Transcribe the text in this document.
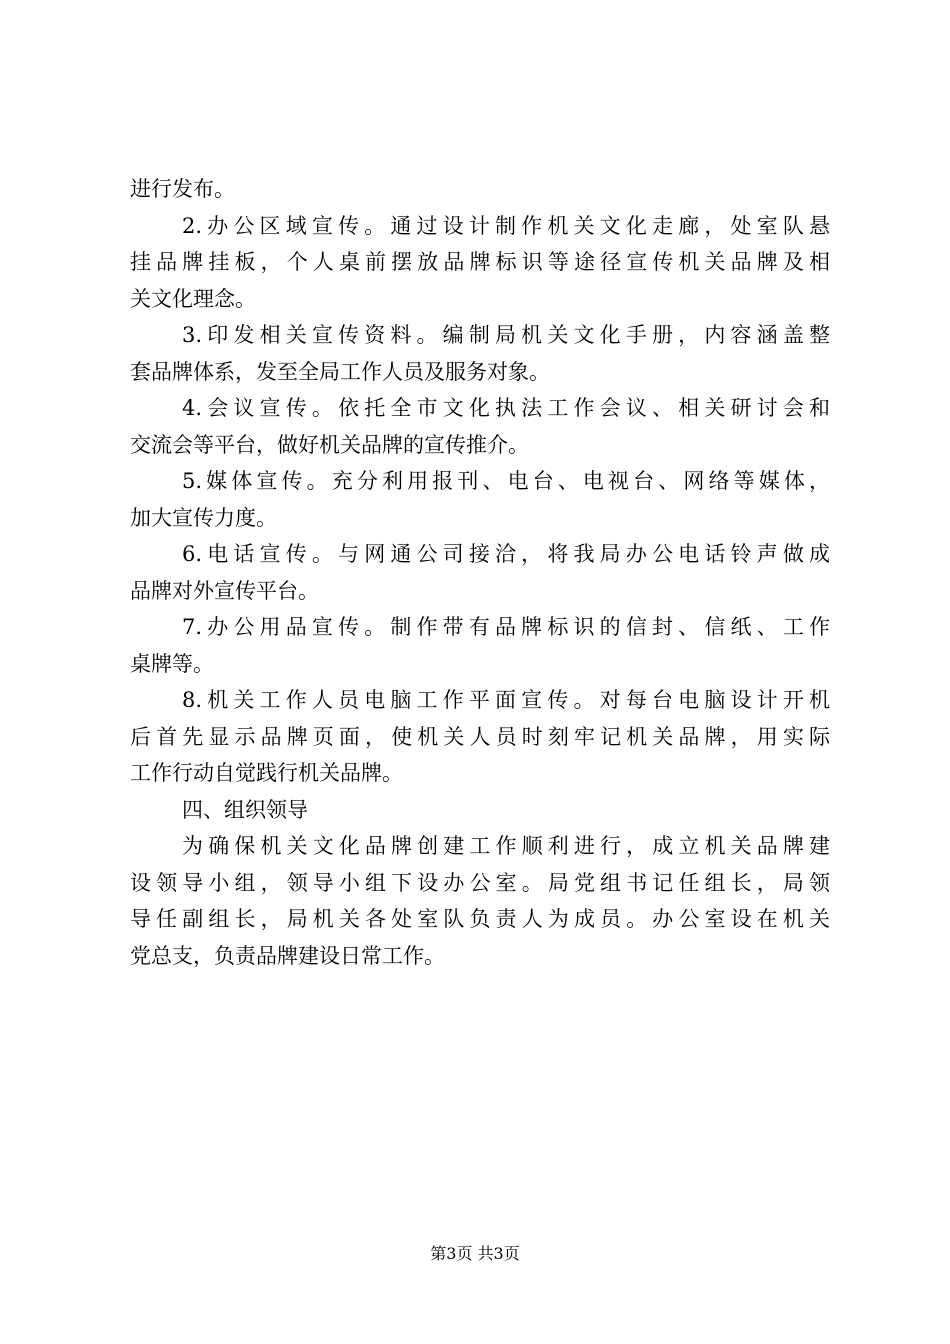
进行发布。
2.办公区域宣传。通过设计制作机关文化走廊，处室队悬
挂品牌挂板，个人桌前摆放品牌标识等途径宣传机关品牌及相
关文化理念。
3.印发相关宣传资料。编制局机关文化手册，内容涵盖整
套品牌体系，发至全局工作人员及服务对象。
4.会议宣传。依托全市文化执法工作会议、相关研讨会和
交流会等平台，做好机关品牌的宣传推介。
5.媒体宣传。充分利用报刊、电台、电视台、网络等媒体，
加大宣传力度。
6.电话宣传。与网通公司接洽，将我局办公电话铃声做成
品牌对外宣传平台。
7.办公用品宣传。制作带有品牌标识的信封、信纸、工作
桌牌等。
8.机关工作人员电脑工作平面宣传。对每台电脑设计开机
后首先显示品牌页面，使机关人员时刻牢记机关品牌，用实际
工作行动自觉践行机关品牌。
四、组织领导
为确保机关文化品牌创建工作顺利进行，成立机关品牌建
设领导小组，领导小组下设办公室。局党组书记任组长，局领
导任副组长，局机关各处室队负责人为成员。办公室设在机关
党总支，负责品牌建设日常工作。
第3页 共3页
